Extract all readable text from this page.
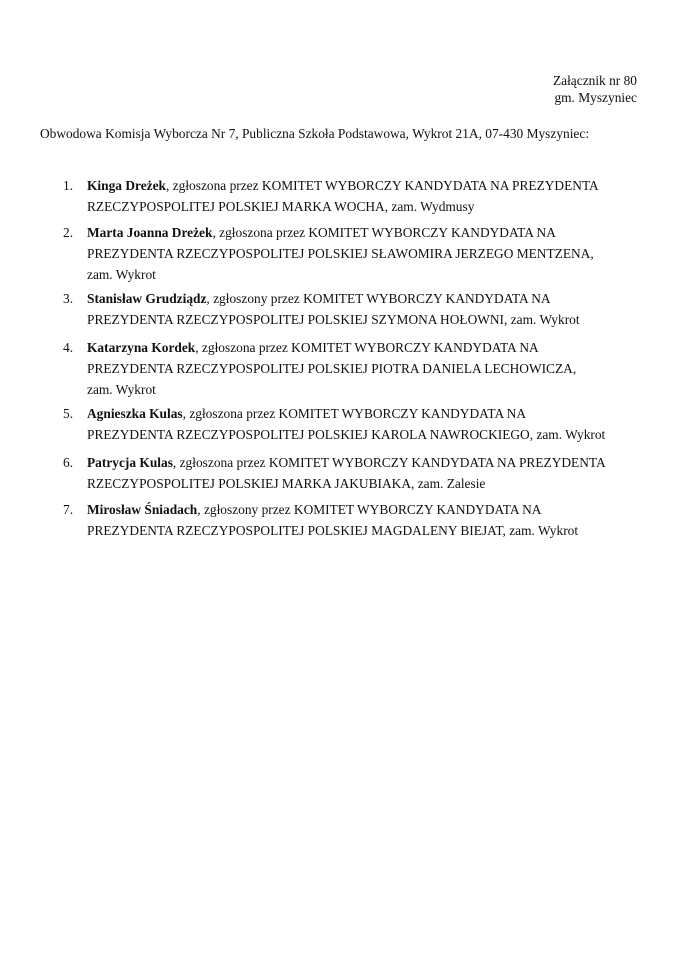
Załącznik nr 80
gm. Myszyniec
Obwodowa Komisja Wyborcza Nr 7, Publiczna Szkoła Podstawowa, Wykrot 21A, 07-430 Myszyniec:
1. Kinga Dreżek, zgłoszona przez KOMITET WYBORCZY KANDYDATA NA PREZYDENTA
RZECZYPOSPOLITEJ POLSKIEJ MARKA WOCHA, zam. Wydmusy
2. Marta Joanna Dreżek, zgłoszona przez KOMITET WYBORCZY KANDYDATA NA
PREZYDENTA RZECZYPOSPOLITEJ POLSKIEJ SŁAWOMIRA JERZEGO MENTZENA,
zam. Wykrot
3. Stanisław Grudziądz, zgłoszony przez KOMITET WYBORCZY KANDYDATA NA
PREZYDENTA RZECZYPOSPOLITEJ POLSKIEJ SZYMONA HOŁOWNI, zam. Wykrot
4. Katarzyna Kordek, zgłoszona przez KOMITET WYBORCZY KANDYDATA NA
PREZYDENTA RZECZYPOSPOLITEJ POLSKIEJ PIOTRA DANIELA LECHOWICZA,
zam. Wykrot
5. Agnieszka Kulas, zgłoszona przez KOMITET WYBORCZY KANDYDATA NA
PREZYDENTA RZECZYPOSPOLITEJ POLSKIEJ KAROLA NAWROCKIEGO, zam. Wykrot
6. Patrycja Kulas, zgłoszona przez KOMITET WYBORCZY KANDYDATA NA PREZYDENTA
RZECZYPOSPOLITEJ POLSKIEJ MARKA JAKUBIAKA, zam. Zalesie
7. Mirosław Śniadach, zgłoszony przez KOMITET WYBORCZY KANDYDATA NA
PREZYDENTA RZECZYPOSPOLITEJ POLSKIEJ MAGDALENY BIEJAT, zam. Wykrot
